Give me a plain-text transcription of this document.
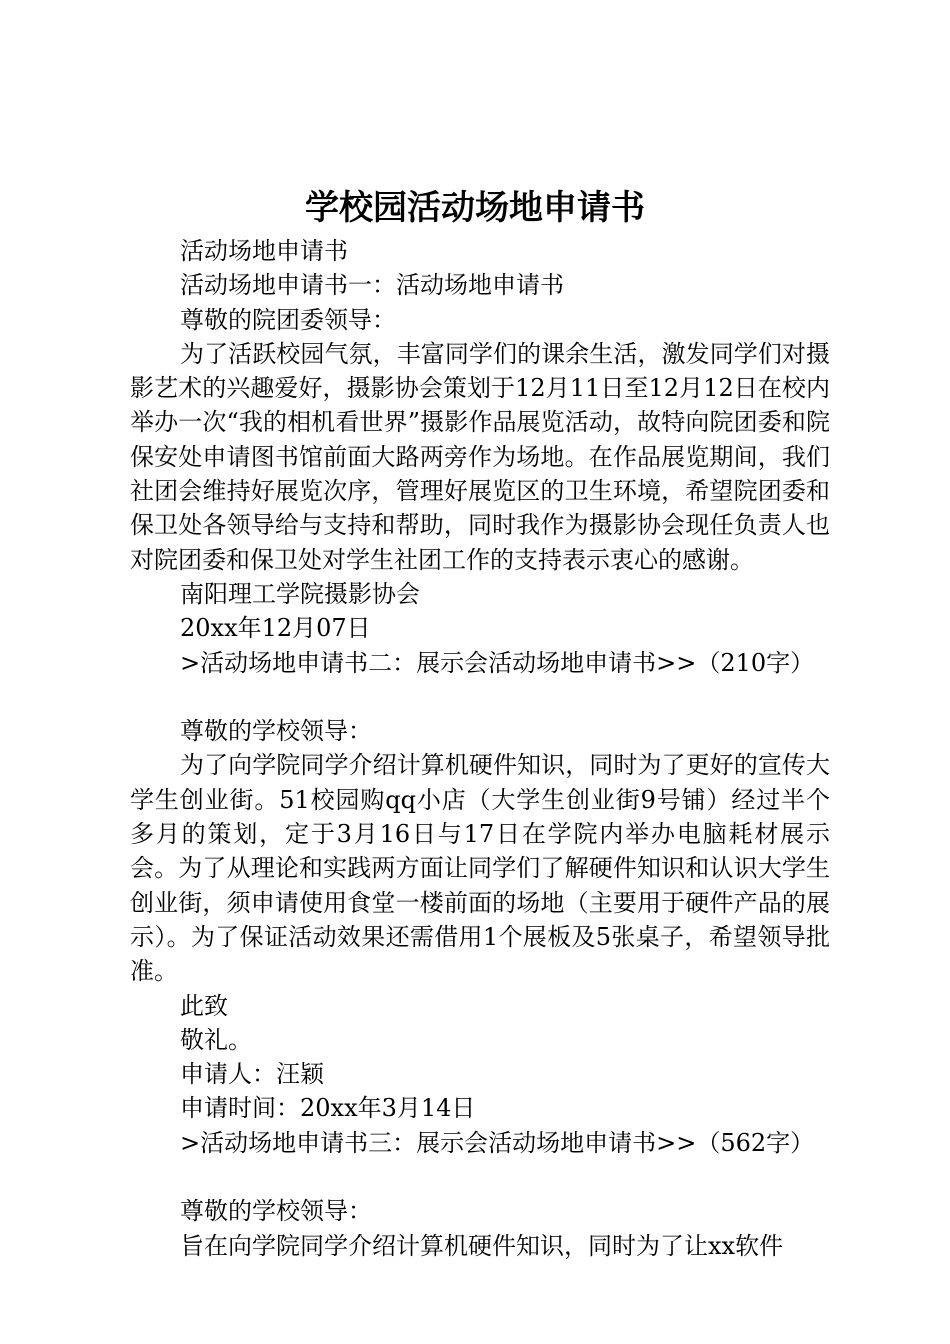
学校园活动场地申请书
活动场地申请书
活动场地申请书一：活动场地申请书
尊敬的院团委领导：
为了活跃校园气氛，丰富同学们的课余生活，激发同学们对摄影艺术的兴趣爱好，摄影协会策划于12月11日至12月12日在校内举办一次“我的相机看世界”摄影作品展览活动，故特向院团委和院保安处申请图书馆前面大路两旁作为场地。在作品展览期间，我们社团会维持好展览次序，管理好展览区的卫生环境，希望院团委和保卫处各领导给与支持和帮助，同时我作为摄影协会现任负责人也对院团委和保卫处对学生社团工作的支持表示衷心的感谢。
南阳理工学院摄影协会
20xx年12月07日
>活动场地申请书二：展示会活动场地申请书>>（210字）
尊敬的学校领导：
为了向学院同学介绍计算机硬件知识，同时为了更好的宣传大学生创业街。51校园购qq小店（大学生创业街9号铺）经过半个多月的策划，定于3月16日与17日在学院内举办电脑耗材展示会。为了从理论和实践两方面让同学们了解硬件知识和认识大学生创业街，须申请使用食堂一楼前面的场地（主要用于硬件产品的展示）。为了保证活动效果还需借用1个展板及5张桌子，希望领导批准。
此致
敬礼。
申请人：汪颖
申请时间：20xx年3月14日
>活动场地申请书三：展示会活动场地申请书>>（562字）
尊敬的学校领导：
旨在向学院同学介绍计算机硬件知识，同时为了让xx软件
